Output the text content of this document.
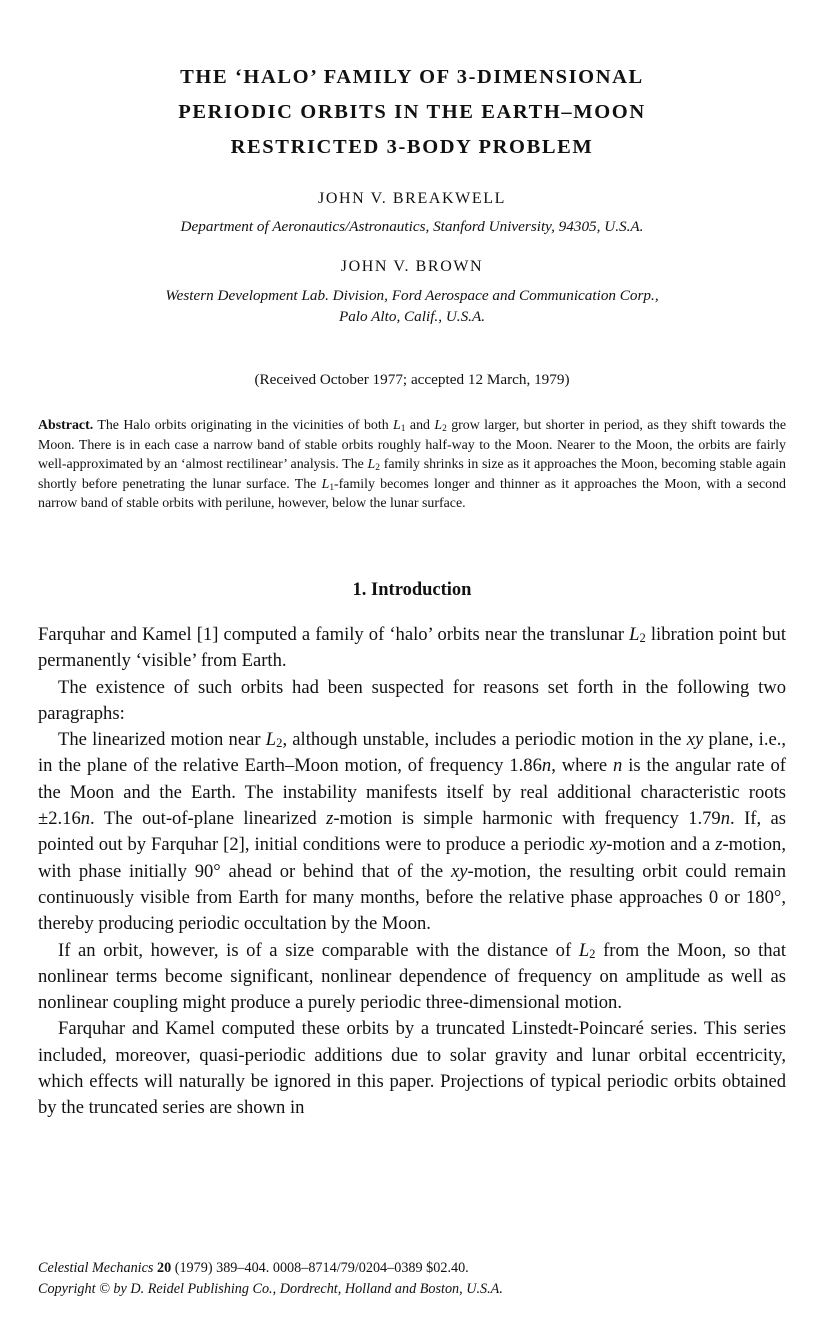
THE ‘HALO’ FAMILY OF 3-DIMENSIONAL
PERIODIC ORBITS IN THE EARTH–MOON
RESTRICTED 3-BODY PROBLEM
JOHN V. BREAKWELL
Department of Aeronautics/Astronautics, Stanford University, 94305, U.S.A.
JOHN V. BROWN
Western Development Lab. Division, Ford Aerospace and Communication Corp.,
Palo Alto, Calif., U.S.A.
(Received October 1977; accepted 12 March, 1979)
Abstract. The Halo orbits originating in the vicinities of both $L_1$ and $L_2$ grow larger, but shorter in period, as they shift towards the Moon. There is in each case a narrow band of stable orbits roughly half-way to the Moon. Nearer to the Moon, the orbits are fairly well-approximated by an ‘almost rectilinear’ analysis. The $L_2$ family shrinks in size as it approaches the Moon, becoming stable again shortly before penetrating the lunar surface. The $L_1$-family becomes longer and thinner as it approaches the Moon, with a second narrow band of stable orbits with perilune, however, below the lunar surface.
1. Introduction

Farquhar and Kamel [1] computed a family of ‘halo’ orbits near the translunar $L_2$ libration point but permanently ‘visible’ from Earth.

The existence of such orbits had been suspected for reasons set forth in the following two paragraphs:

The linearized motion near $L_2$, although unstable, includes a periodic motion in the xy plane, i.e., in the plane of the relative Earth–Moon motion, of frequency 1.86n, where n is the angular rate of the Moon and the Earth. The instability manifests itself by real additional characteristic roots ±2.16n. The out-of-plane linearized z-motion is simple harmonic with frequency 1.79n. If, as pointed out by Farquhar [2], initial conditions were to produce a periodic xy-motion and a z-motion, with phase initially 90° ahead or behind that of the xy-motion, the resulting orbit could remain continuously visible from Earth for many months, before the relative phase approaches 0 or 180°, thereby producing periodic occultation by the Moon.

If an orbit, however, is of a size comparable with the distance of $L_2$ from the Moon, so that nonlinear terms become significant, nonlinear dependence of frequency on amplitude as well as nonlinear coupling might produce a purely periodic three-dimensional motion.

Farquhar and Kamel computed these orbits by a truncated Linstedt-Poincaré series. This series included, moreover, quasi-periodic additions due to solar gravity and lunar orbital eccentricity, which effects will naturally be ignored in this paper. Projections of typical periodic orbits obtained by the truncated series are shown in

Celestial Mechanics 20 (1979) 389–404. 0008–8714/79/0204–0389 $02.40.
Copyright © by D. Reidel Publishing Co., Dordrecht, Holland and Boston, U.S.A.
